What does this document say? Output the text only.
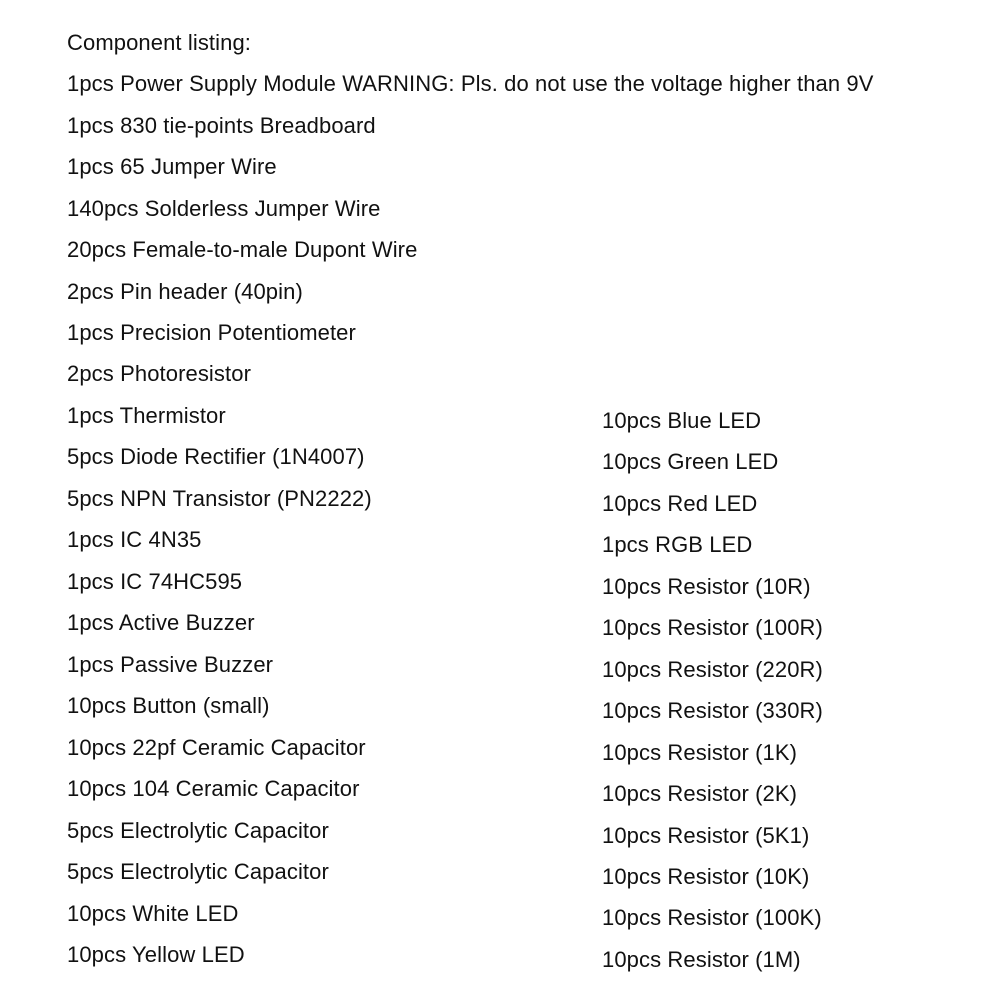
Component listing:
1pcs Power Supply Module WARNING: Pls. do not use the voltage higher than 9V
1pcs 830 tie-points Breadboard
1pcs 65 Jumper Wire
140pcs Solderless Jumper Wire
20pcs Female-to-male Dupont Wire
2pcs Pin header (40pin)
1pcs Precision Potentiometer
2pcs Photoresistor
1pcs Thermistor
5pcs Diode Rectifier (1N4007)
5pcs NPN Transistor (PN2222)
1pcs IC 4N35
1pcs IC 74HC595
1pcs Active Buzzer
1pcs Passive Buzzer
10pcs Button (small)
10pcs 22pf Ceramic Capacitor
10pcs 104 Ceramic Capacitor
5pcs Electrolytic Capacitor
5pcs Electrolytic Capacitor
10pcs White LED
10pcs Yellow LED
10pcs Blue LED
10pcs Green LED
10pcs Red LED
1pcs RGB LED
10pcs Resistor (10R)
10pcs Resistor (100R)
10pcs Resistor (220R)
10pcs Resistor (330R)
10pcs Resistor (1K)
10pcs Resistor (2K)
10pcs Resistor (5K1)
10pcs Resistor (10K)
10pcs Resistor (100K)
10pcs Resistor (1M)
